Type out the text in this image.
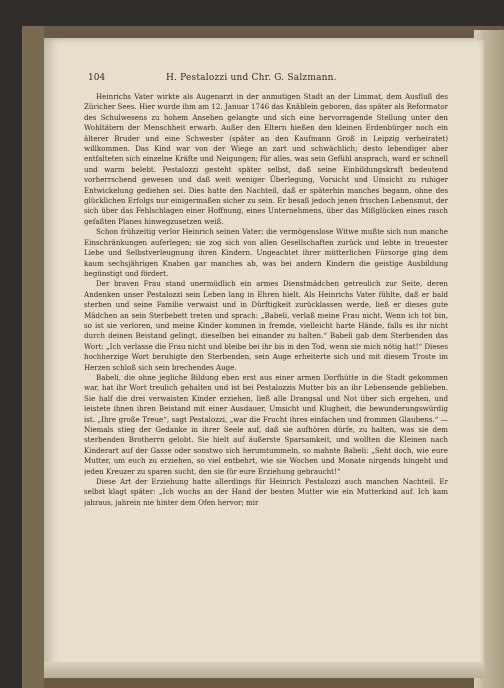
104	H. Pestalozzi und Chr. G. Salzmann.

Heinrichs Vater wirkte als Augenarzt in der anmutigen Stadt an der Limmat, dem Ausfluß des Züricher Sees. Hier wurde ihm am 12. Januar 1746 das Knäblein geboren, das später als Reformator des Schulwesens zu hohem Ansehen gelangte und sich eine hervorragende Stellung unter den Wohltätern der Menschheit erwarb. Außer den Eltern hießen den kleinen Erdenbürger noch ein älterer Bruder und eine Schwester (später an den Kaufmann Groß in Leipzig verheiratet) willkommen. Das Kind war von der Wiege an zart und schwächlich; desto lebendiger aber entfalteten sich einzelne Kräfte und Neigungen; für alles, was sein Gefühl ansprach, ward er schnell und warm belebt. Pestalozzi gesteht später selbst, daß seine Einbildungskraft bedeutend vorherrschend gewesen und daß weit weniger Überlegung, Vorsicht und Umsicht zu ruhiger Entwickelung gediehen sei. Dies hatte den Nachteil, daß er späterhin manches begann, ohne des glücklichen Erfolgs nur einigermaßen sicher zu sein. Er besaß jedoch jenen frischen Lebensmut, der sich über das Fehlschlagen einer Hoffnung, eines Unternehmens, über das Mißglücken eines rasch gefaßten Planes hinwegzusetzen weiß.

Schon frühzeitig verlor Heinrich seinen Vater; die vermögenslose Witwe mußte sich nun manche Einschränkungen auferlegen; sie zog sich von allen Gesellschaften zurück und lebte in treuester Liebe und Selbstverleugnung ihren Kindern. Ungeachtet ihrer mütterlichen Fürsorge ging dem kaum sechsjährigen Knaben gar manches ab, was bei andern Kindern die geistige Ausbildung begünstigt und fördert.

Der braven Frau stand unermüdlich ein armes Dienstmädchen getreulich zur Seite, deren Andenken unser Pestalozzi sein Leben lang in Ehren hielt. Als Heinrichs Vater fühlte, daß er bald sterben und seine Familie verwaist und in Dürftigkeit zurücklassen werde, ließ er dieses gute Mädchen an sein Sterbebett treten und sprach: „Babeli, verlaß meine Frau nicht. Wenn ich tot bin, so ist sie verloren, und meine Kinder kommen in fremde, vielleicht harte Hände, falls es ihr nicht durch deinen Beistand gelingt, dieselben bei einander zu halten.“ Babeli gab dem Sterbenden das Wort: „Ich verlasse die Frau nicht und bleibe bei ihr bis in den Tod, wenn sie mich nötig hat!“ Dieses hochherzige Wort beruhigte den Sterbenden, sein Auge erheiterte sich und mit diesem Troste im Herzen schloß sich sein brechendes Auge.

Babeli, die ohne jegliche Bildung eben erst aus einer armen Dorfhütte in die Stadt gekommen war, hat ihr Wort treulich gehalten und ist bei Pestalozzis Mutter bis an ihr Lebensende geblieben. Sie half die drei verwaisten Kinder erziehen, ließ alle Drangsal und Not über sich ergehen, und leistete ihnen ihren Beistand mit einer Ausdauer, Umsicht und Klugheit, die bewunderungswürdig ist. „Ihre große Treue“, sagt Pestalozzi, „war die Frucht ihres einfachen und frommen Glaubens.“ — Niemals stieg der Gedanke in ihrer Seele auf, daß sie aufhören dürfe, zu halten, was sie dem sterbenden Brotherrn gelobt. Sie hielt auf äußerste Sparsamkeit, und wollten die Kleinen nach Kinderart auf der Gasse oder sonstwo sich herumtummeln, so mahnte Babeli: „Seht doch, wie eure Mutter, um euch zu erziehen, so viel entbehrt, wie sie Wochen und Monate nirgends hingeht und jeden Kreuzer zu sparen sucht, den sie für eure Erziehung gebraucht!“

Diese Art der Erziehung hatte allerdings für Heinrich Pestalozzi auch manchen Nachteil. Er selbst klagt später: „Ich wuchs an der Hand der besten Mutter wie ein Mutterkind auf. Ich kam jahraus, jahrein nie hinter dem Ofen hervor; mir
